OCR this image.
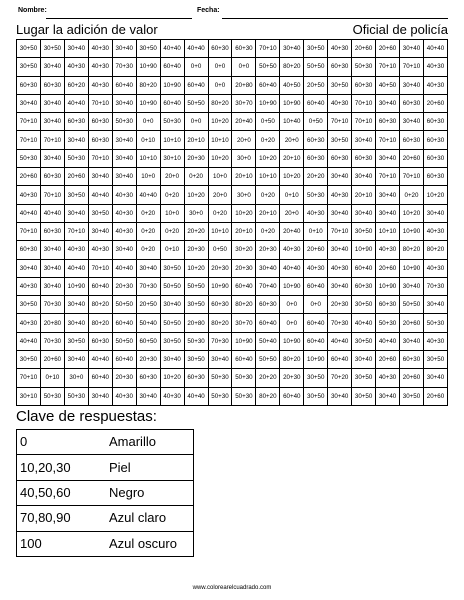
Nombre:	Fecha:
Lugar la adición de valor	Oficial de policía
30+50	30+50	30+40	40+30	30+40	30+50	40+40	40+40	60+30	60+30	70+10	30+40	30+50	40+30	20+60	20+60	30+40	40+40
30+50	30+40	40+30	40+30	70+30	10+90	60+40	0+0	0+0	0+0	50+50	80+20	50+50	60+30	50+30	70+10	70+10	40+30
60+30	60+30	60+20	40+30	60+40	80+20	10+90	60+40	0+0	20+80	60+40	40+50	20+50	30+50	60+30	40+50	30+40	40+30
30+40	30+40	40+40	70+10	30+40	10+90	60+40	50+50	80+20	30+70	10+90	10+90	60+40	40+30	70+10	30+40	60+30	20+60
70+10	30+40	60+30	60+30	50+30	0+0	50+30	0+0	10+20	20+40	0+50	10+40	0+50	70+10	70+10	60+30	30+40	60+30
70+10	70+10	30+40	60+30	30+40	0+10	10+10	20+10	10+10	20+0	0+20	20+0	60+30	30+50	30+40	70+10	60+30	60+30
50+30	30+40	50+30	70+10	30+40	10+10	30+10	20+30	10+20	30+0	10+20	20+10	60+30	60+30	60+30	30+40	20+60	60+30
20+60	60+30	20+60	30+40	30+40	10+0	20+0	0+20	10+0	20+10	10+10	10+20	20+20	30+40	30+40	70+10	70+10	60+30
40+30	70+10	30+50	40+40	40+30	40+40	0+20	10+20	20+0	30+0	0+20	0+10	50+30	40+30	20+10	30+40	0+20	10+20
40+40	40+40	30+40	30+50	40+30	0+20	10+0	30+0	0+20	10+20	20+10	20+0	40+30	30+40	30+40	30+40	10+20	30+40
70+10	60+30	70+10	30+40	40+30	0+20	0+20	20+20	10+10	20+10	0+20	20+40	0+10	70+10	30+50	10+10	10+90	40+30
60+30	30+40	40+30	40+30	30+40	0+20	0+10	20+30	0+50	30+20	20+30	40+30	20+60	30+40	10+90	40+30	80+20	80+20
30+40	30+40	40+40	70+10	40+40	30+40	30+50	10+20	20+30	20+30	30+40	40+40	40+30	40+30	60+40	20+60	10+90	40+30
40+30	30+40	10+90	60+40	20+30	70+30	50+50	50+50	10+90	60+40	70+40	10+90	60+40	30+40	60+30	10+90	30+40	70+30
30+50	70+30	30+40	80+20	50+50	20+50	30+40	30+50	60+30	80+20	60+30	0+0	0+0	20+30	30+50	60+30	50+50	30+40
40+30	20+80	30+40	80+20	60+40	50+40	50+50	20+80	80+20	30+70	60+40	0+0	60+40	70+30	40+40	50+30	20+60	50+30
40+40	70+30	30+50	60+30	50+50	60+50	30+50	50+30	70+30	10+90	50+40	10+90	60+40	40+40	30+50	40+40	30+40	40+30
30+50	20+60	30+40	40+40	60+40	20+30	30+40	30+50	30+40	60+40	50+50	80+20	10+90	60+40	30+40	20+60	60+30	30+50
70+10	0+10	30+0	60+40	20+30	60+30	10+20	60+30	50+30	50+30	20+20	20+30	30+50	70+20	30+50	40+30	20+60	30+40
30+10	50+30	50+30	30+40	40+30	30+40	40+30	40+40	50+30	50+30	80+20	60+40	30+50	30+40	30+50	30+40	30+50	20+60
Clave de respuestas:
0	Amarillo
10,20,30	Piel
40,50,60	Negro
70,80,90	Azul claro
100	Azul oscuro
www.colorearelcuadrado.com
